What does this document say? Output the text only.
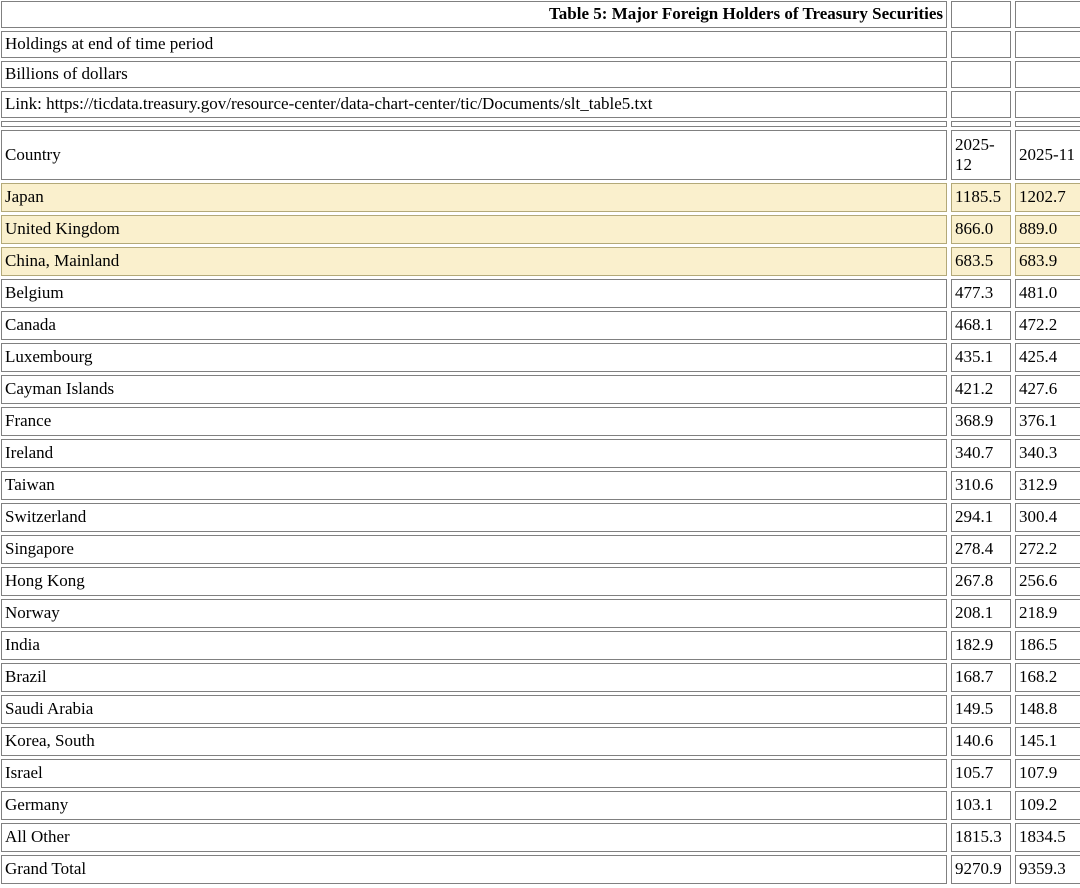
Table 5: Major Foreign Holders of Treasury Securities		
Holdings at end of time period		
Billions of dollars		
Link: https://ticdata.treasury.gov/resource-center/data-chart-center/tic/Documents/slt_table5.txt		

Country	2025-12	2025-11
Japan	1185.5	1202.7
United Kingdom	866.0	889.0
China, Mainland	683.5	683.9
Belgium	477.3	481.0
Canada	468.1	472.2
Luxembourg	435.1	425.4
Cayman Islands	421.2	427.6
France	368.9	376.1
Ireland	340.7	340.3
Taiwan	310.6	312.9
Switzerland	294.1	300.4
Singapore	278.4	272.2
Hong Kong	267.8	256.6
Norway	208.1	218.9
India	182.9	186.5
Brazil	168.7	168.2
Saudi Arabia	149.5	148.8
Korea, South	140.6	145.1
Israel	105.7	107.9
Germany	103.1	109.2
All Other	1815.3	1834.5
Grand Total	9270.9	9359.3
